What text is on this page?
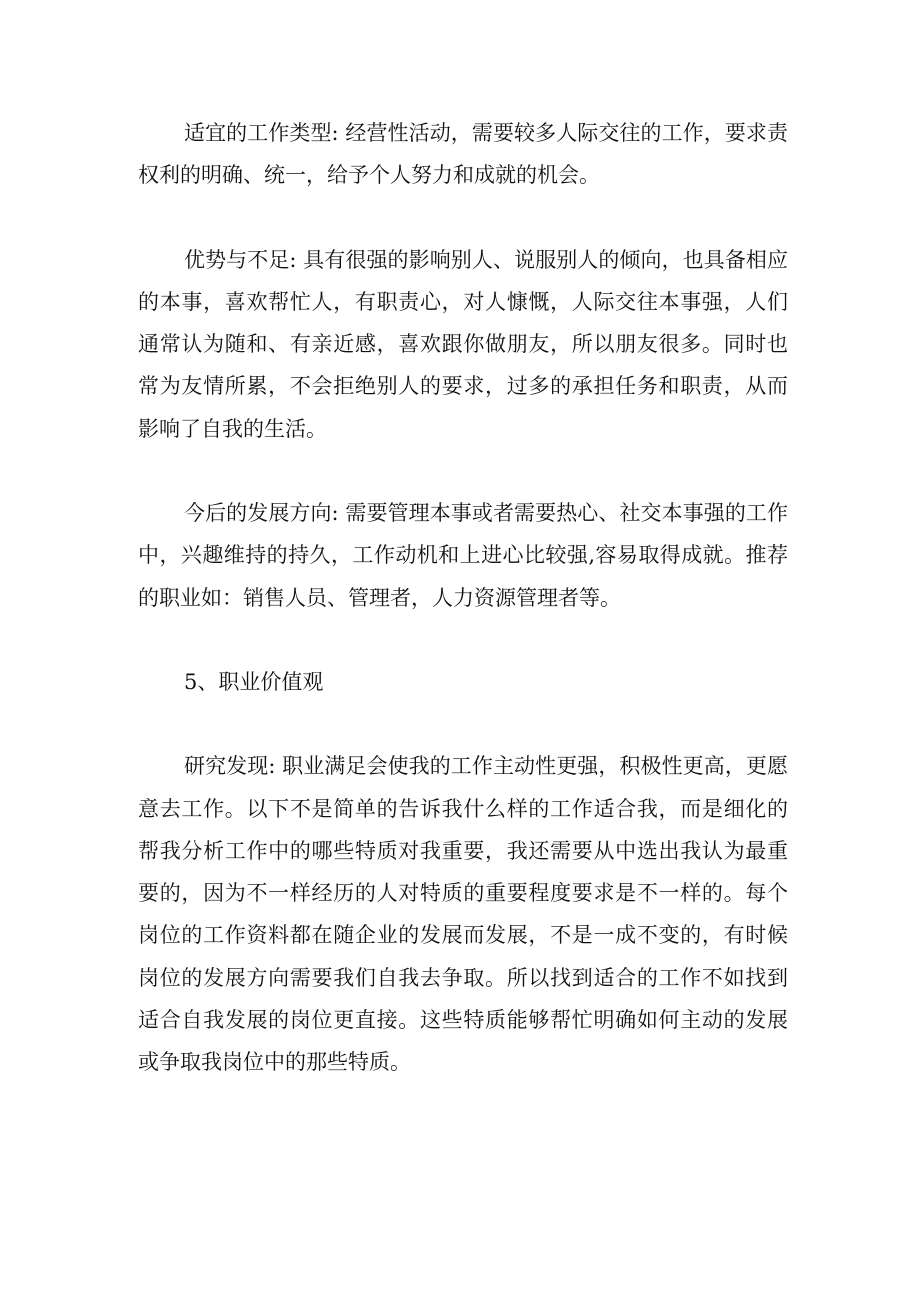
适宜的工作类型: 经营性活动，需要较多人际交往的工作，要求责权利的明确、统一，给予个人努力和成就的机会。

优势与不足: 具有很强的影响别人、说服别人的倾向，也具备相应的本事，喜欢帮忙人，有职责心，对人慷慨，人际交往本事强，人们通常认为随和、有亲近感，喜欢跟你做朋友，所以朋友很多。同时也常为友情所累，不会拒绝别人的要求，过多的承担任务和职责，从而影响了自我的生活。

今后的发展方向: 需要管理本事或者需要热心、社交本事强的工作中，兴趣维持的持久，工作动机和上进心比较强,容易取得成就。推荐的职业如：销售人员、管理者，人力资源管理者等。

5、职业价值观

研究发现: 职业满足会使我的工作主动性更强，积极性更高，更愿意去工作。以下不是简单的告诉我什么样的工作适合我，而是细化的帮我分析工作中的哪些特质对我重要，我还需要从中选出我认为最重要的，因为不一样经历的人对特质的重要程度要求是不一样的。每个岗位的工作资料都在随企业的发展而发展，不是一成不变的，有时候岗位的发展方向需要我们自我去争取。所以找到适合的工作不如找到适合自我发展的岗位更直接。这些特质能够帮忙明确如何主动的发展或争取我岗位中的那些特质。
